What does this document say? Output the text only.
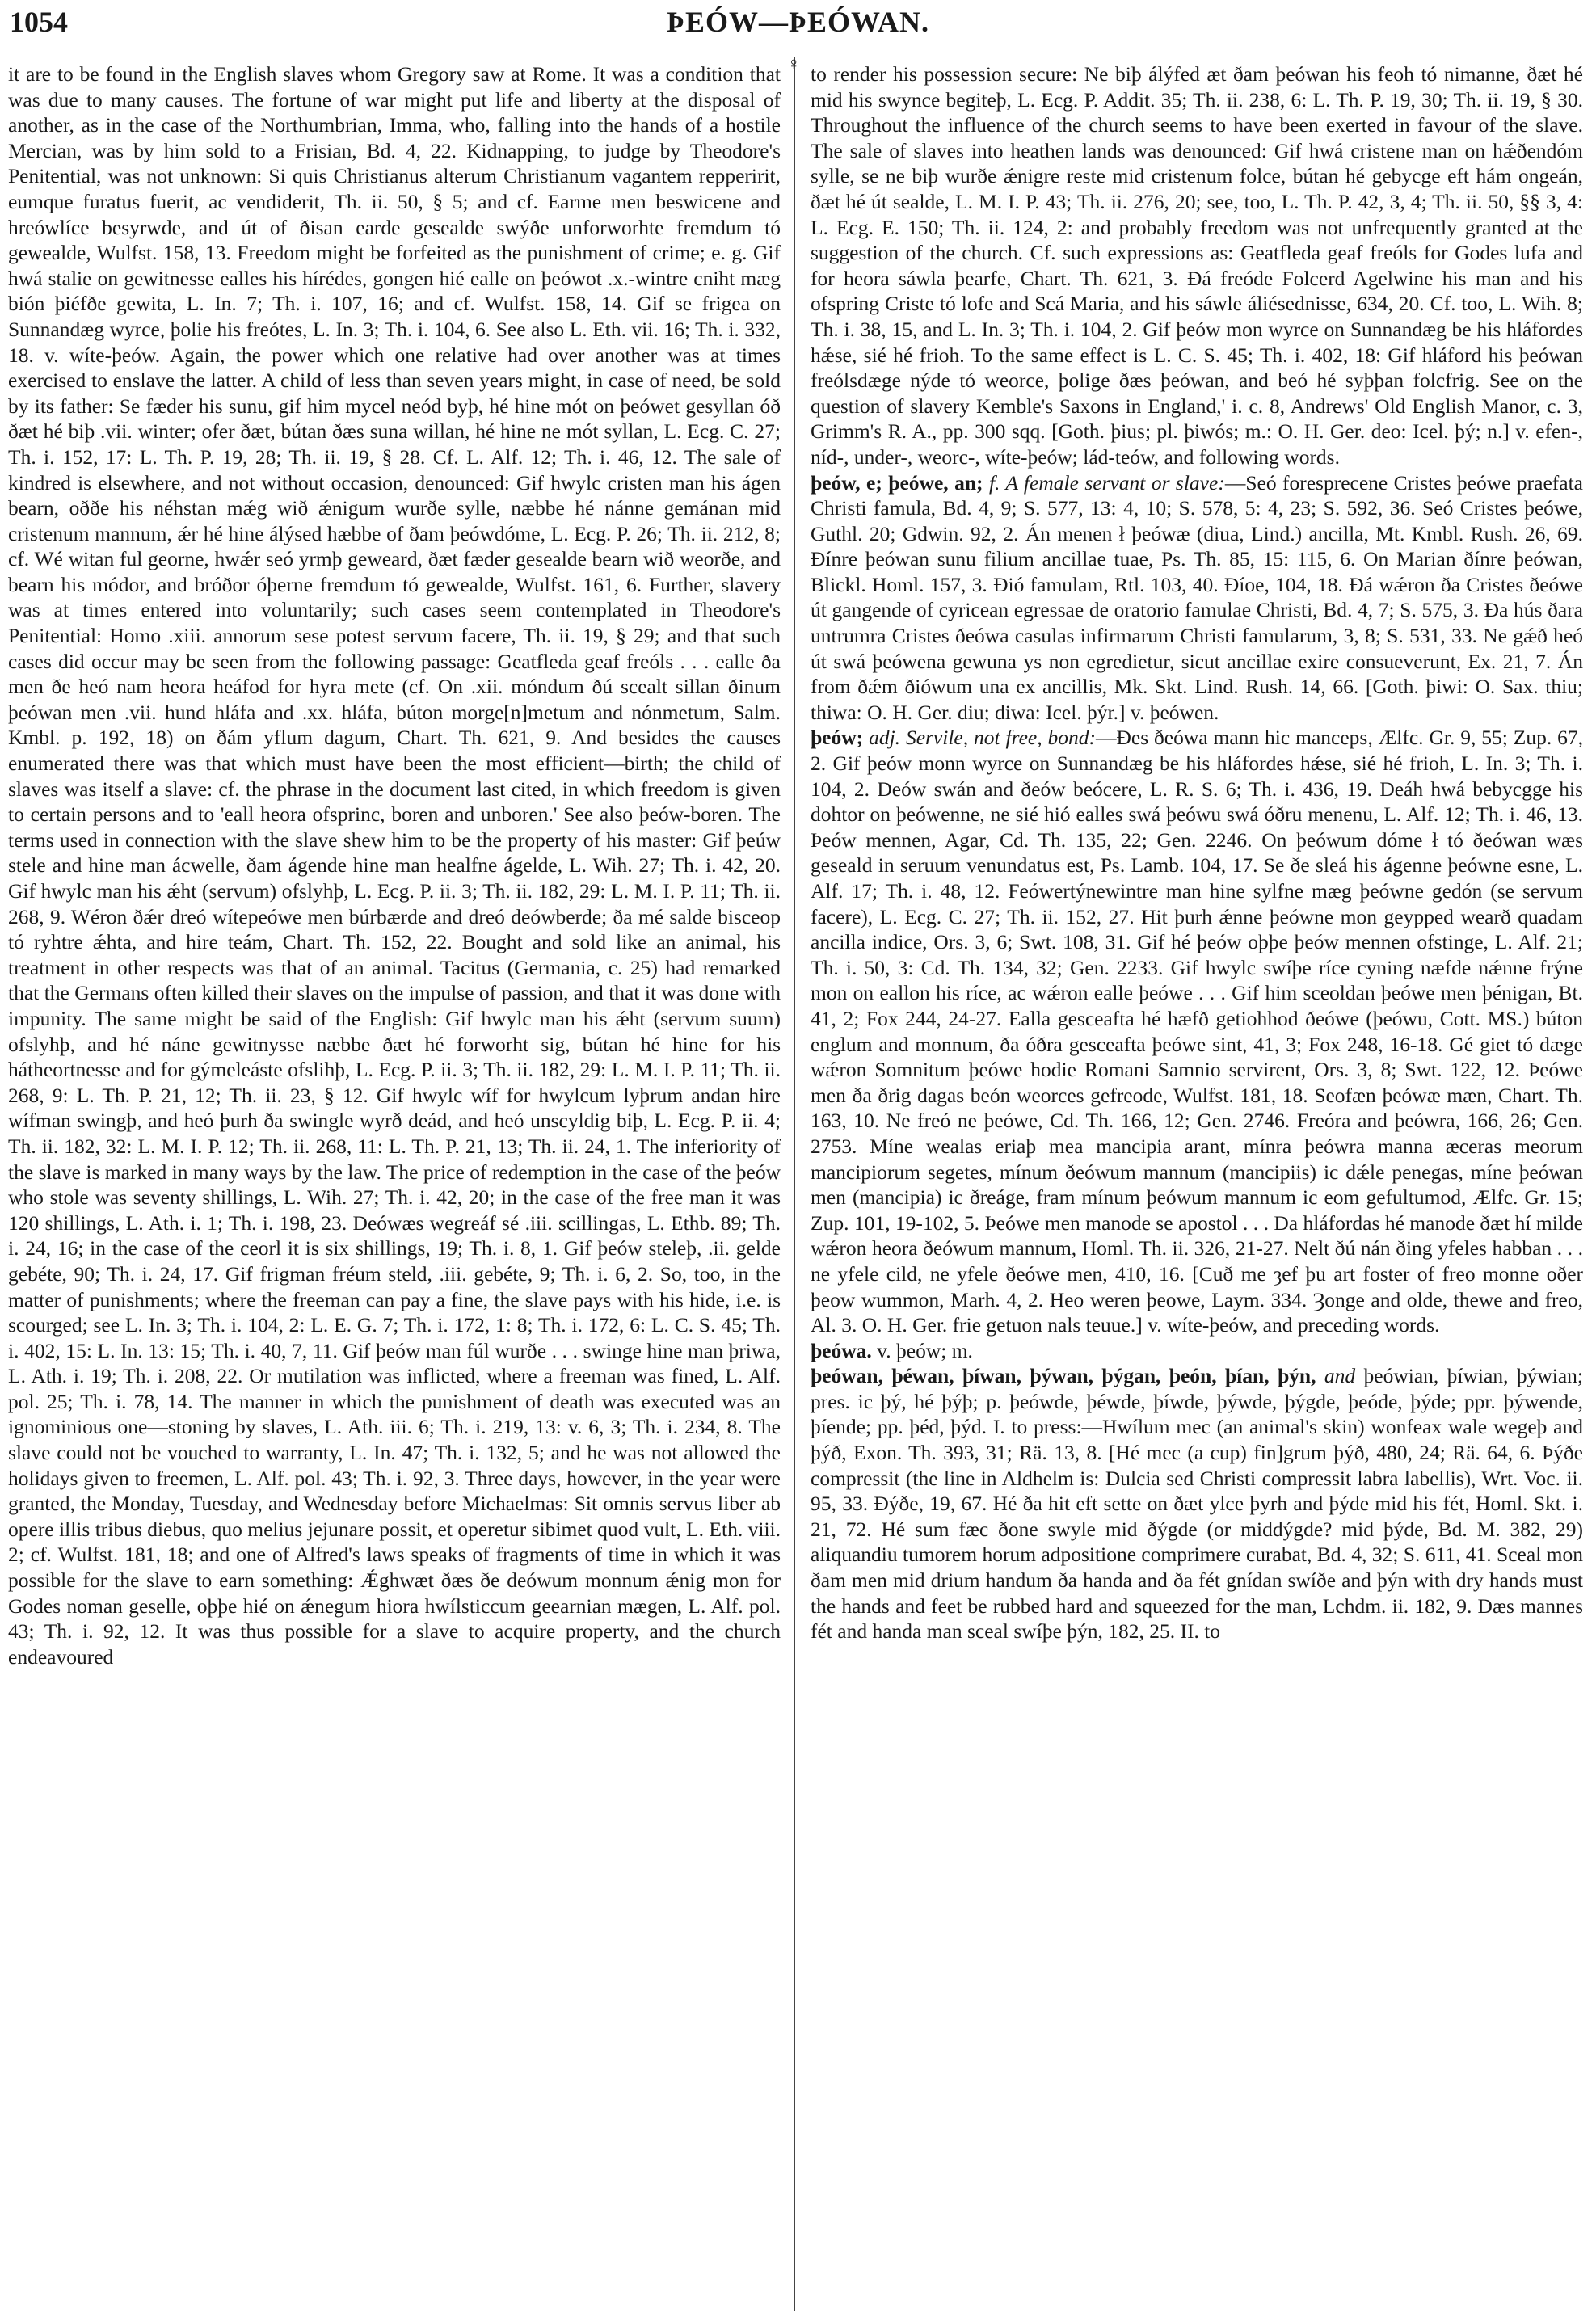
1054	ÞEÓW—ÞEÓWAN.
♀

it are to be found in the English slaves whom Gregory saw at Rome. It was a condition that was due to many causes. The fortune of war might put life and liberty at the disposal of another, as in the case of the Northumbrian, Imma, who, falling into the hands of a hostile Mercian, was by him sold to a Frisian, Bd. 4, 22. Kidnapping, to judge by Theodore's Penitential, was not unknown: Si quis Christianus alterum Christianum vagantem repperirit, eumque furatus fuerit, ac vendiderit, Th. ii. 50, § 5; and cf. Earme men beswicene and hreówlíce besyrwde, and út of ðisan earde gesealde swýðe unforworhte fremdum tó gewealde, Wulfst. 158, 13. Freedom might be forfeited as the punishment of crime; e. g. Gif hwá stalie on gewitnesse ealles his hírédes, gongen hié ealle on þeówot .x.-wintre cniht mæg bión þiéfðe gewita, L. In. 7; Th. i. 107, 16; and cf. Wulfst. 158, 14. Gif se frigea on Sunnandæg wyrce, þolie his freótes, L. In. 3; Th. i. 104, 6. See also L. Eth. vii. 16; Th. i. 332, 18. v. wíte-þeów. Again, the power which one relative had over another was at times exercised to enslave the latter. A child of less than seven years might, in case of need, be sold by its father: Se fæder his sunu, gif him mycel neód byþ, hé hine mót on þeówet gesyllan óð ðæt hé biþ .vii. winter; ofer ðæt, bútan ðæs suna willan, hé hine ne mót syllan, L. Ecg. C. 27; Th. i. 152, 17: L. Th. P. 19, 28; Th. ii. 19, § 28. Cf. L. Alf. 12; Th. i. 46, 12. The sale of kindred is elsewhere, and not without occasion, denounced: Gif hwylc cristen man his ágen bearn, oððe his néhstan mǽg wið ǽnigum wurðe sylle, næbbe hé nánne gemánan mid cristenum mannum, ǽr hé hine álýsed hæbbe of ðam þeówdóme, L. Ecg. P. 26; Th. ii. 212, 8; cf. Wé witan ful georne, hwǽr seó yrmþ geweard, ðæt fæder gesealde bearn wið weorðe, and bearn his módor, and bróðor óþerne fremdum tó gewealde, Wulfst. 161, 6. Further, slavery was at times entered into voluntarily; such cases seem contemplated in Theodore's Penitential: Homo .xiii. annorum sese potest servum facere, Th. ii. 19, § 29; and that such cases did occur may be seen from the following passage: Geatfleda geaf freóls . . . ealle ða men ðe heó nam heora heáfod for hyra mete (cf. On .xii. móndum ðú scealt sillan ðinum þeówan men .vii. hund hláfa and .xx. hláfa, búton morge[n]metum and nónmetum, Salm. Kmbl. p. 192, 18) on ðám yflum dagum, Chart. Th. 621, 9. And besides the causes enumerated there was that which must have been the most efficient—birth; the child of slaves was itself a slave: cf. the phrase in the document last cited, in which freedom is given to certain persons and to 'eall heora ofsprinc, boren and unboren.' See also þeów-boren. The terms used in connection with the slave shew him to be the property of his master: Gif þeúw stele and hine man ácwelle, ðam ágende hine man healfne ágelde, L. Wih. 27; Th. i. 42, 20. Gif hwylc man his ǽht (servum) ofslyhþ, L. Ecg. P. ii. 3; Th. ii. 182, 29: L. M. I. P. 11; Th. ii. 268, 9. Wéron ðǽr dreó wítepeówe men búrbærde and dreó deówberde; ða mé salde bisceop tó ryhtre ǽhta, and hire teám, Chart. Th. 152, 22. Bought and sold like an animal, his treatment in other respects was that of an animal. Tacitus (Germania, c. 25) had remarked that the Germans often killed their slaves on the impulse of passion, and that it was done with impunity. The same might be said of the English: Gif hwylc man his ǽht (servum suum) ofslyhþ, and hé náne gewitnysse næbbe ðæt hé forworht sig, bútan hé hine for his hátheortnesse and for gýmeleáste ofslihþ, L. Ecg. P. ii. 3; Th. ii. 182, 29: L. M. I. P. 11; Th. ii. 268, 9: L. Th. P. 21, 12; Th. ii. 23, § 12. Gif hwylc wíf for hwylcum lyþrum andan hire wífman swingþ, and heó þurh ða swingle wyrð deád, and heó unscyldig biþ, L. Ecg. P. ii. 4; Th. ii. 182, 32: L. M. I. P. 12; Th. ii. 268, 11: L. Th. P. 21, 13; Th. ii. 24, 1. The inferiority of the slave is marked in many ways by the law. The price of redemption in the case of the þeów who stole was seventy shillings, L. Wih. 27; Th. i. 42, 20; in the case of the free man it was 120 shillings, L. Ath. i. 1; Th. i. 198, 23. Ðeówæs wegreáf sé .iii. scillingas, L. Ethb. 89; Th. i. 24, 16; in the case of the ceorl it is six shillings, 19; Th. i. 8, 1. Gif þeów steleþ, .ii. gelde gebéte, 90; Th. i. 24, 17. Gif frigman fréum steld, .iii. gebéte, 9; Th. i. 6, 2. So, too, in the matter of punishments; where the freeman can pay a fine, the slave pays with his hide, i.e. is scourged; see L. In. 3; Th. i. 104, 2: L. E. G. 7; Th. i. 172, 1: 8; Th. i. 172, 6: L. C. S. 45; Th. i. 402, 15: L. In. 13: 15; Th. i. 40, 7, 11. Gif þeów man fúl wurðe . . . swinge hine man þriwa, L. Ath. i. 19; Th. i. 208, 22. Or mutilation was inflicted, where a freeman was fined, L. Alf. pol. 25; Th. i. 78, 14. The manner in which the punishment of death was executed was an ignominious one—stoning by slaves, L. Ath. iii. 6; Th. i. 219, 13: v. 6, 3; Th. i. 234, 8. The slave could not be vouched to warranty, L. In. 47; Th. i. 132, 5; and he was not allowed the holidays given to freemen, L. Alf. pol. 43; Th. i. 92, 3. Three days, however, in the year were granted, the Monday, Tuesday, and Wednesday before Michaelmas: Sit omnis servus liber ab opere illis tribus diebus, quo melius jejunare possit, et operetur sibimet quod vult, L. Eth. viii. 2; cf. Wulfst. 181, 18; and one of Alfred's laws speaks of fragments of time in which it was possible for the slave to earn something: Ǽghwæt ðæs ðe deówum monnum ǽnig mon for Godes noman geselle, oþþe hié on ǽnegum hiora hwílsticcum geearnian mægen, L. Alf. pol. 43; Th. i. 92, 12. It was thus possible for a slave to acquire property, and the church endeavoured

to render his possession secure: Ne biþ álýfed æt ðam þeówan his feoh tó nimanne, ðæt hé mid his swynce begiteþ, L. Ecg. P. Addit. 35; Th. ii. 238, 6: L. Th. P. 19, 30; Th. ii. 19, § 30. Throughout the influence of the church seems to have been exerted in favour of the slave. The sale of slaves into heathen lands was denounced: Gif hwá cristene man on hǽðendóm sylle, se ne biþ wurðe ǽnigre reste mid cristenum folce, bútan hé gebycge eft hám ongeán, ðæt hé út sealde, L. M. I. P. 43; Th. ii. 276, 20; see, too, L. Th. P. 42, 3, 4; Th. ii. 50, §§ 3, 4: L. Ecg. E. 150; Th. ii. 124, 2: and probably freedom was not unfrequently granted at the suggestion of the church. Cf. such expressions as: Geatfleda geaf freóls for Godes lufa and for heora sáwla þearfe, Chart. Th. 621, 3. Ðá freóde Folcerd Agelwine his man and his ofspring Criste tó lofe and Scá Maria, and his sáwle áliésednisse, 634, 20. Cf. too, L. Wih. 8; Th. i. 38, 15, and L. In. 3; Th. i. 104, 2. Gif þeów mon wyrce on Sunnandæg be his hláfordes hǽse, sié hé frioh. To the same effect is L. C. S. 45; Th. i. 402, 18: Gif hláford his þeówan freólsdæge nýde tó weorce, þolige ðæs þeówan, and beó hé syþþan folcfrig. See on the question of slavery Kemble's Saxons in England,' i. c. 8, Andrews' Old English Manor, c. 3, Grimm's R. A., pp. 300 sqq. [Goth. þius; pl. þiwós; m.: O. H. Ger. deo: Icel. þý; n.] v. efen-, níd-, under-, weorc-, wíte-þeów; lád-teów, and following words.

þeów, e; þeówe, an; f. A female servant or slave:—Seó foresprecene Cristes þeówe praefata Christi famula, Bd. 4, 9; S. 577, 13: 4, 10; S. 578, 5: 4, 23; S. 592, 36. Seó Cristes þeówe, Guthl. 20; Gdwin. 92, 2. Án menen ł þeówæ (diua, Lind.) ancilla, Mt. Kmbl. Rush. 26, 69. Ðínre þeówan sunu filium ancillae tuae, Ps. Th. 85, 15: 115, 6. On Marian ðínre þeówan, Blickl. Homl. 157, 3. Ðió famulam, Rtl. 103, 40. Ðíoe, 104, 18. Ðá wǽron ða Cristes ðeówe út gangende of cyricean egressae de oratorio famulae Christi, Bd. 4, 7; S. 575, 3. Ða hús ðara untrumra Cristes ðeówa casulas infirmarum Christi famularum, 3, 8; S. 531, 33. Ne gǽð heó út swá þeówena gewuna ys non egredietur, sicut ancillae exire consueverunt, Ex. 21, 7. Án from ðǽm ðiówum una ex ancillis, Mk. Skt. Lind. Rush. 14, 66. [Goth. þiwi: O. Sax. thiu; thiwa: O. H. Ger. diu; diwa: Icel. þýr.] v. þeówen.

þeów; adj. Servile, not free, bond:—Ðes ðeówa mann hic manceps, Ælfc. Gr. 9, 55; Zup. 67, 2. Gif þeów monn wyrce on Sunnandæg be his hláfordes hǽse, sié hé frioh, L. In. 3; Th. i. 104, 2. Ðeów swán and ðeów beócere, L. R. S. 6; Th. i. 436, 19. Ðeáh hwá bebycgge his dohtor on þeówenne, ne sié hió ealles swá þeówu swá óðru menenu, L. Alf. 12; Th. i. 46, 13. Þeów mennen, Agar, Cd. Th. 135, 22; Gen. 2246. On þeówum dóme ł tó ðeówan wæs geseald in seruum venundatus est, Ps. Lamb. 104, 17. Se ðe sleá his ágenne þeówne esne, L. Alf. 17; Th. i. 48, 12. Feówertýnewintre man hine sylfne mæg þeówne gedón (se servum facere), L. Ecg. C. 27; Th. ii. 152, 27. Hit þurh ǽnne þeówne mon geypped wearð quadam ancilla indice, Ors. 3, 6; Swt. 108, 31. Gif hé þeów oþþe þeów mennen ofstinge, L. Alf. 21; Th. i. 50, 3: Cd. Th. 134, 32; Gen. 2233. Gif hwylc swíþe ríce cyning næfde nǽnne frýne mon on eallon his ríce, ac wǽron ealle þeówe . . . Gif him sceoldan þeówe men þénigan, Bt. 41, 2; Fox 244, 24-27. Ealla gesceafta hé hæfð getiohhod ðeówe (þeówu, Cott. MS.) búton englum and monnum, ða óðra gesceafta þeówe sint, 41, 3; Fox 248, 16-18. Gé giet tó dæge wǽron Somnitum þeówe hodie Romani Samnio servirent, Ors. 3, 8; Swt. 122, 12. Þeówe men ða ðrig dagas beón weorces gefreode, Wulfst. 181, 18. Seofæn þeówæ mæn, Chart. Th. 163, 10. Ne freó ne þeówe, Cd. Th. 166, 12; Gen. 2746. Freóra and þeówra, 166, 26; Gen. 2753. Míne wealas eriaþ mea mancipia arant, mínra þeówra manna æceras meorum mancipiorum segetes, mínum ðeówum mannum (mancipiis) ic dǽle penegas, míne þeówan men (mancipia) ic ðreáge, fram mínum þeówum mannum ic eom gefultumod, Ælfc. Gr. 15; Zup. 101, 19-102, 5. Þeówe men manode se apostol . . . Ða hláfordas hé manode ðæt hí milde wǽron heora ðeówum mannum, Homl. Th. ii. 326, 21-27. Nelt ðú nán ðing yfeles habban . . . ne yfele cild, ne yfele ðeówe men, 410, 16. [Cuð me ȝef þu art foster of freo monne oðer þeow wummon, Marh. 4, 2. Heo weren þeowe, Laym. 334. Ȝonge and olde, thewe and freo, Al. 3. O. H. Ger. frie getuon nals teuue.] v. wíte-þeów, and preceding words.

þeówa. v. þeów; m.

þeówan, þéwan, þíwan, þýwan, þýgan, þeón, þían, þýn, and þeówian, þíwian, þýwian; pres. ic þý, hé þýþ; p. þeówde, þéwde, þíwde, þýwde, þýgde, þeóde, þýde; ppr. þýwende, þíende; pp. þéd, þýd. I. to press:—Hwílum mec (an animal's skin) wonfeax wale wegeþ and þýð, Exon. Th. 393, 31; Rä. 13, 8. [Hé mec (a cup) fin]grum þýð, 480, 24; Rä. 64, 6. Þýðe compressit (the line in Aldhelm is: Dulcia sed Christi compressit labra labellis), Wrt. Voc. ii. 95, 33. Ðýðe, 19, 67. Hé ða hit eft sette on ðæt ylce þyrh and þýde mid his fét, Homl. Skt. i. 21, 72. Hé sum fæc ðone swyle mid ðýgde (or middýgde? mid þýde, Bd. M. 382, 29) aliquandiu tumorem horum adpositione comprimere curabat, Bd. 4, 32; S. 611, 41. Sceal mon ðam men mid drium handum ða handa and ða fét gnídan swíðe and þýn with dry hands must the hands and feet be rubbed hard and squeezed for the man, Lchdm. ii. 182, 9. Ðæs mannes fét and handa man sceal swíþe þýn, 182, 25. II. to
